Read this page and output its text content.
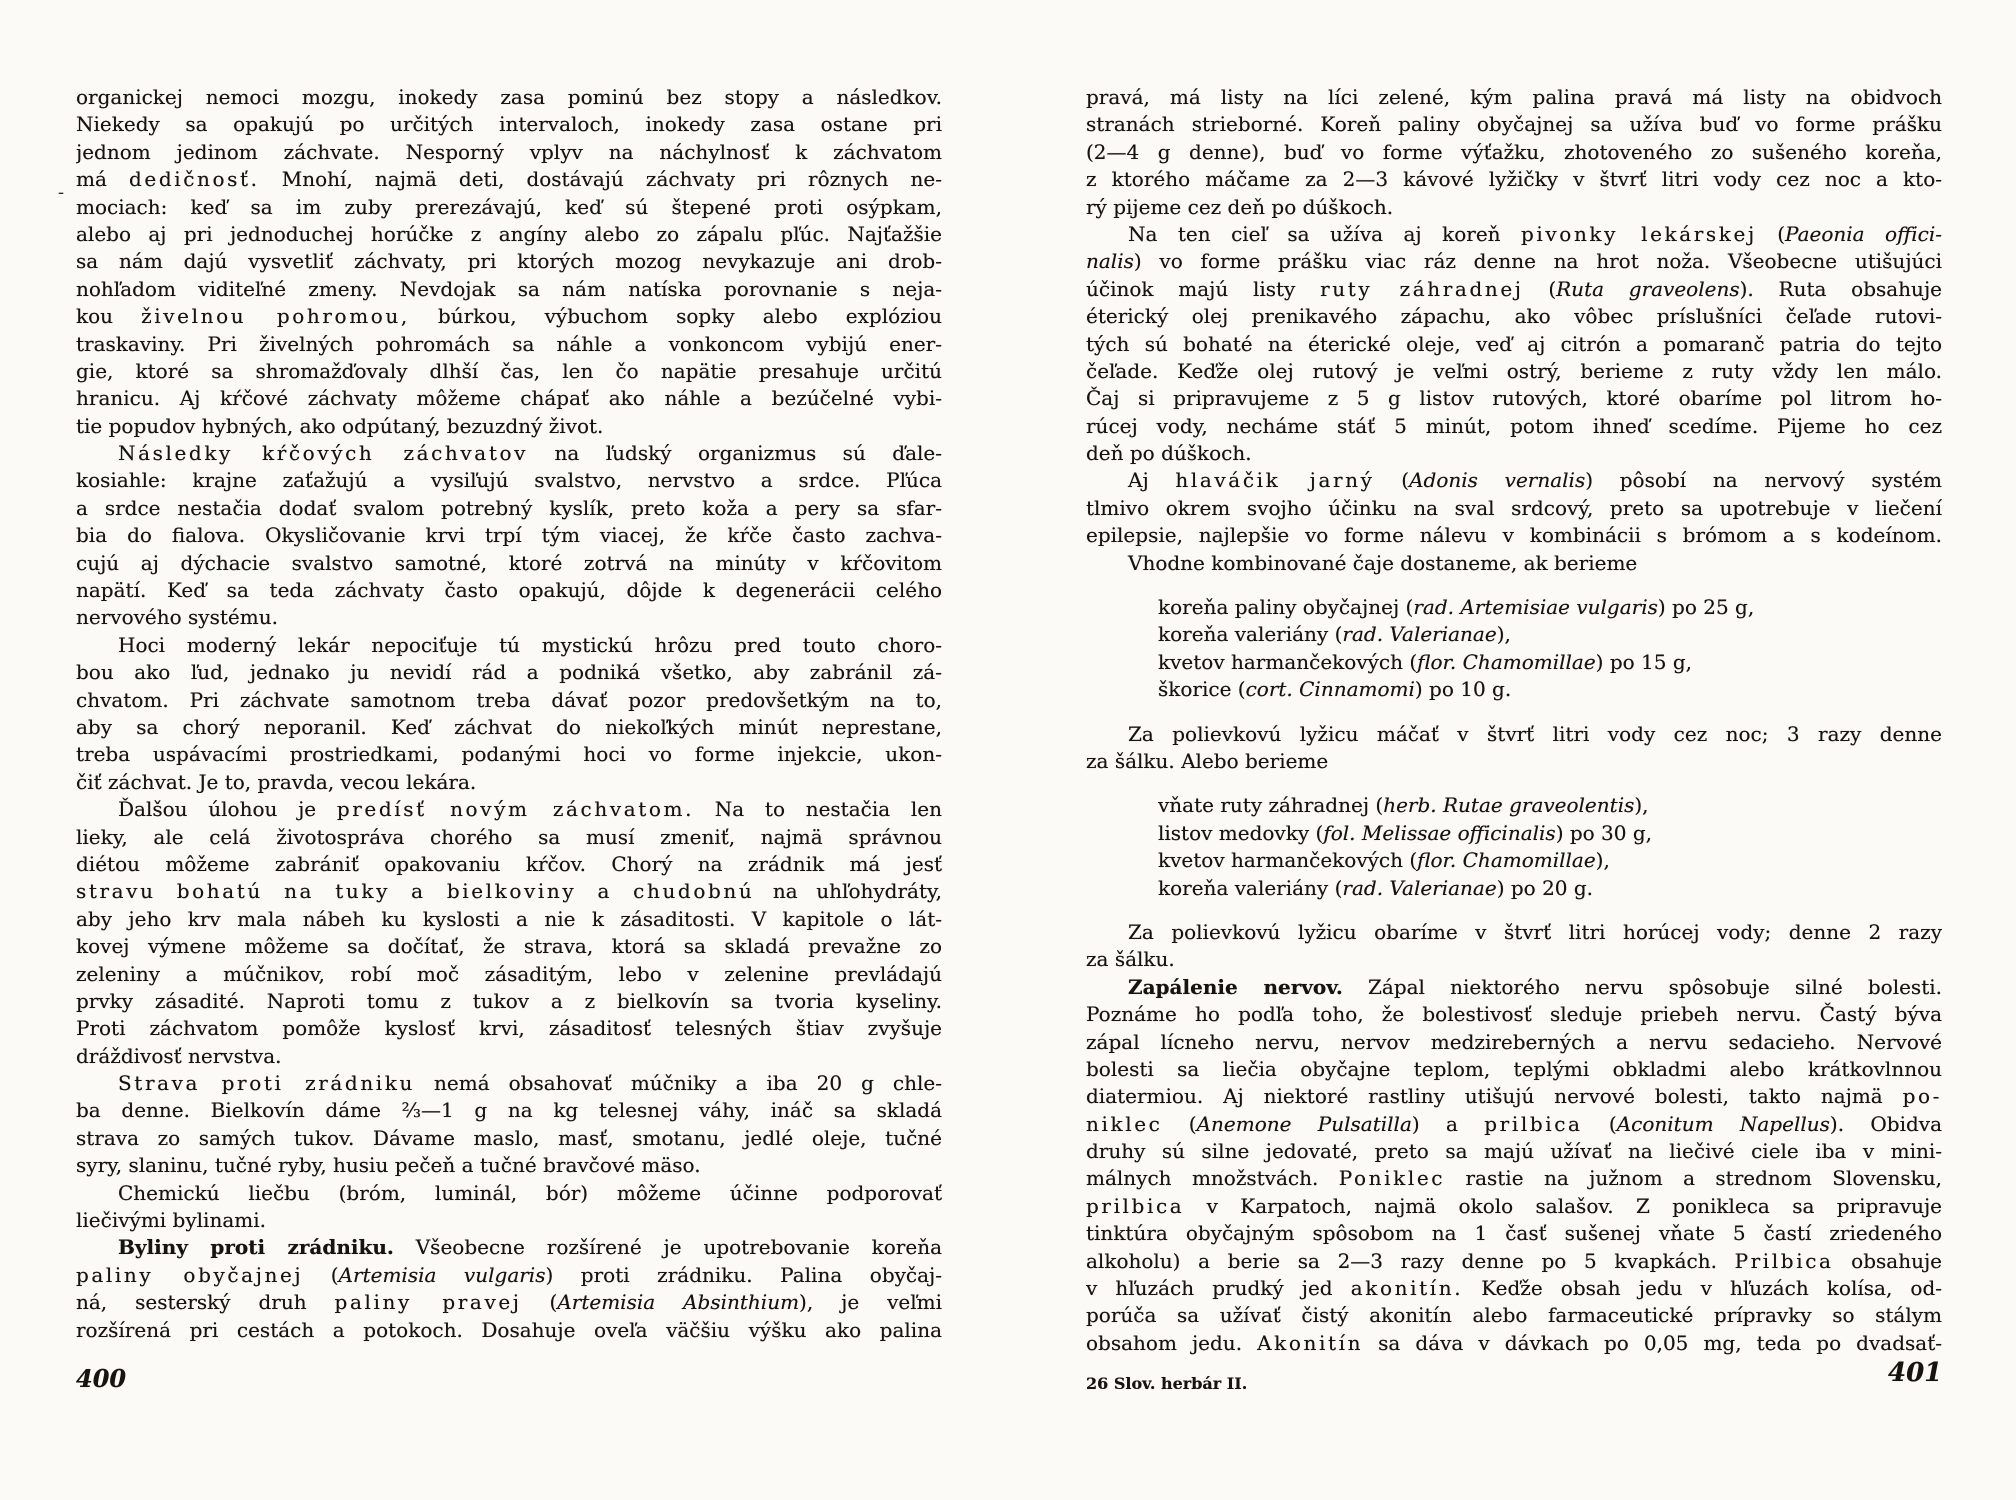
-
organickej nemoci mozgu, inokedy zasa pominú bez stopy a následkov.
Niekedy sa opakujú po určitých intervaloch, inokedy zasa ostane pri
jednom jedinom záchvate. Nesporný vplyv na náchylnosť k záchvatom
má dedičnosť. Mnohí, najmä deti, dostávajú záchvaty pri rôznych ne-
mociach: keď sa im zuby prerezávajú, keď sú štepené proti osýpkam,
alebo aj pri jednoduchej horúčke z angíny alebo zo zápalu pľúc. Najťažšie
sa nám dajú vysvetliť záchvaty, pri ktorých mozog nevykazuje ani drob-
nohľadom viditeľné zmeny. Nevdojak sa nám natíska porovnanie s neja-
kou živelnou pohromou, búrkou, výbuchom sopky alebo explóziou
traskaviny. Pri živelných pohromách sa náhle a vonkoncom vybijú ener-
gie, ktoré sa shromažďovaly dlhší čas, len čo napätie presahuje určitú
hranicu. Aj kŕčové záchvaty môžeme chápať ako náhle a bezúčelné vybi-
tie popudov hybných, ako odpútaný, bezuzdný život.
Následky kŕčových záchvatov na ľudský organizmus sú ďale-
kosiahle: krajne zaťažujú a vysiľujú svalstvo, nervstvo a srdce. Pľúca
a srdce nestačia dodať svalom potrebný kyslík, preto koža a pery sa sfar-
bia do fialova. Okysličovanie krvi trpí tým viacej, že kŕče často zachva-
cujú aj dýchacie svalstvo samotné, ktoré zotrvá na minúty v kŕčovitom
napätí. Keď sa teda záchvaty často opakujú, dôjde k degenerácii celého
nervového systému.
Hoci moderný lekár nepociťuje tú mystickú hrôzu pred touto choro-
bou ako ľud, jednako ju nevidí rád a podniká všetko, aby zabránil zá-
chvatom. Pri záchvate samotnom treba dávať pozor predovšetkým na to,
aby sa chorý neporanil. Keď záchvat do niekoľkých minút neprestane,
treba uspávacími prostriedkami, podanými hoci vo forme injekcie, ukon-
čiť záchvat. Je to, pravda, vecou lekára.
Ďalšou úlohou je predísť novým záchvatom. Na to nestačia len
lieky, ale celá životospráva chorého sa musí zmeniť, najmä správnou
diétou môžeme zabrániť opakovaniu kŕčov. Chorý na zrádnik má jesť
stravu bohatú na tuky a bielkoviny a chudobnú na uhľohydráty,
aby jeho krv mala nábeh ku kyslosti a nie k zásaditosti. V kapitole o lát-
kovej výmene môžeme sa dočítať, že strava, ktorá sa skladá prevažne zo
zeleniny a múčnikov, robí moč zásaditým, lebo v zelenine prevládajú
prvky zásadité. Naproti tomu z tukov a z bielkovín sa tvoria kyseliny.
Proti záchvatom pomôže kyslosť krvi, zásaditosť telesných štiav zvyšuje
dráždivosť nervstva.
Strava proti zrádniku nemá obsahovať múčniky a iba 20 g chle-
ba denne. Bielkovín dáme ⅔—1 g na kg telesnej váhy, ináč sa skladá
strava zo samých tukov. Dávame maslo, masť, smotanu, jedlé oleje, tučné
syry, slaninu, tučné ryby, husiu pečeň a tučné bravčové mäso.
Chemickú liečbu (bróm, luminál, bór) môžeme účinne podporovať
liečivými bylinami.
Byliny proti zrádniku. Všeobecne rozšírené je upotrebovanie koreňa
paliny obyčajnej (Artemisia vulgaris) proti zrádniku. Palina obyčaj-
ná, sesterský druh paliny pravej (Artemisia Absinthium), je veľmi
rozšírená pri cestách a potokoch. Dosahuje oveľa väčšiu výšku ako palina
pravá, má listy na líci zelené, kým palina pravá má listy na obidvoch
stranách strieborné. Koreň paliny obyčajnej sa užíva buď vo forme prášku
(2—4 g denne), buď vo forme výťažku, zhotoveného zo sušeného koreňa,
z ktorého máčame za 2—3 kávové lyžičky v štvrť litri vody cez noc a kto-
rý pijeme cez deň po dúškoch.
Na ten cieľ sa užíva aj koreň pivonky lekárskej (Paeonia offici-
nalis) vo forme prášku viac ráz denne na hrot noža. Všeobecne utišujúci
účinok majú listy ruty záhradnej (Ruta graveolens). Ruta obsahuje
éterický olej prenikavého zápachu, ako vôbec príslušníci čeľade rutovi-
tých sú bohaté na éterické oleje, veď aj citrón a pomaranč patria do tejto
čeľade. Keďže olej rutový je veľmi ostrý, berieme z ruty vždy len málo.
Čaj si pripravujeme z 5 g listov rutových, ktoré obaríme pol litrom ho-
rúcej vody, necháme stáť 5 minút, potom ihneď scedíme. Pijeme ho cez
deň po dúškoch.
Aj hlaváčik jarný (Adonis vernalis) pôsobí na nervový systém
tlmivo okrem svojho účinku na sval srdcový, preto sa upotrebuje v liečení
epilepsie, najlepšie vo forme nálevu v kombinácii s brómom a s kodeínom.
Vhodne kombinované čaje dostaneme, ak berieme
koreňa paliny obyčajnej (rad. Artemisiae vulgaris) po 25 g,
koreňa valeriány (rad. Valerianae),
kvetov harmančekových (flor. Chamomillae) po 15 g,
škorice (cort. Cinnamomi) po 10 g.
Za polievkovú lyžicu máčať v štvrť litri vody cez noc; 3 razy denne
za šálku. Alebo berieme
vňate ruty záhradnej (herb. Rutae graveolentis),
listov medovky (fol. Melissae officinalis) po 30 g,
kvetov harmančekových (flor. Chamomillae),
koreňa valeriány (rad. Valerianae) po 20 g.
Za polievkovú lyžicu obaríme v štvrť litri horúcej vody; denne 2 razy
za šálku.
Zapálenie nervov. Zápal niektorého nervu spôsobuje silné bolesti.
Poznáme ho podľa toho, že bolestivosť sleduje priebeh nervu. Častý býva
zápal lícneho nervu, nervov medzireberných a nervu sedacieho. Nervové
bolesti sa liečia obyčajne teplom, teplými obkladmi alebo krátkovlnnou
diatermiou. Aj niektoré rastliny utišujú nervové bolesti, takto najmä po-
niklec (Anemone Pulsatilla) a prilbica (Aconitum Napellus). Obidva
druhy sú silne jedovaté, preto sa majú užívať na liečivé ciele iba v mini-
málnych množstvách. Poniklec rastie na južnom a strednom Slovensku,
prilbica v Karpatoch, najmä okolo salašov. Z ponikleca sa pripravuje
tinktúra obyčajným spôsobom na 1 časť sušenej vňate 5 častí zriedeného
alkoholu) a berie sa 2—3 razy denne po 5 kvapkách. Prilbica obsahuje
v hľuzách prudký jed akonitín. Keďže obsah jedu v hľuzách kolísa, od-
porúča sa užívať čistý akonitín alebo farmaceutické prípravky so stálym
obsahom jedu. Akonitín sa dáva v dávkach po 0,05 mg, teda po dvadsať-
400	26 Slov. herbár II.	401
